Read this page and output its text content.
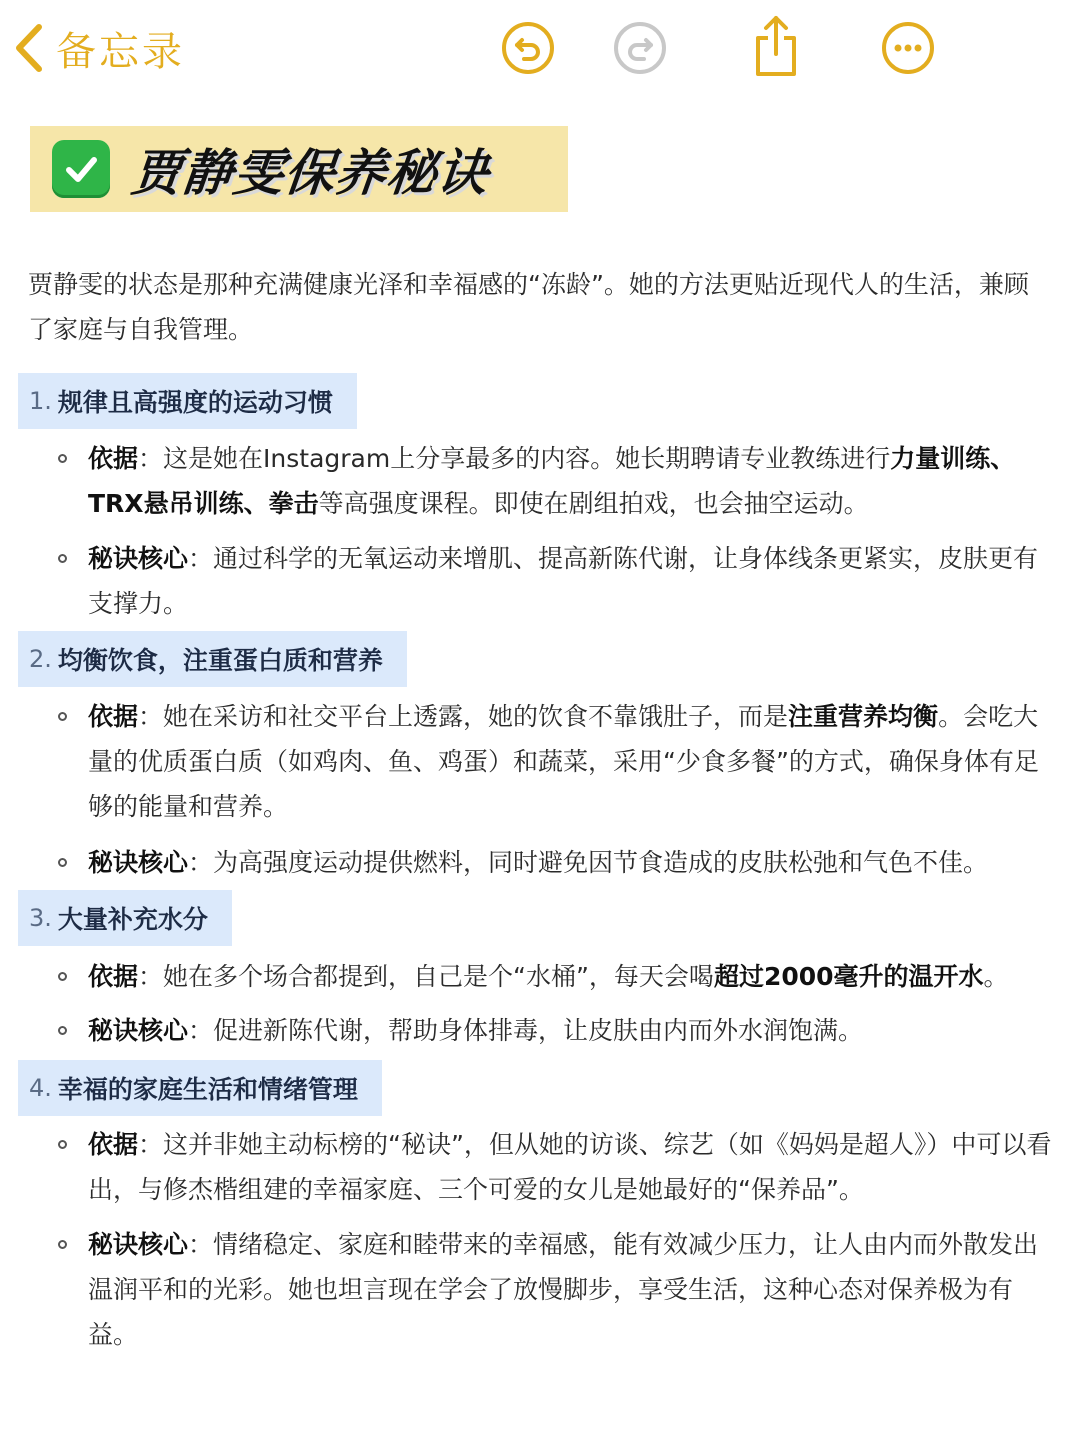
备忘录
贾静雯保养秘诀
贾静雯的状态是那种充满健康光泽和幸福感的“冻龄”。她的方法更贴近现代人的生活，兼顾了家庭与自我管理。
1. 规律且高强度的运动习惯
依据：这是她在Instagram上分享最多的内容。她长期聘请专业教练进行力量训练、TRX悬吊训练、拳击等高强度课程。即使在剧组拍戏，也会抽空运动。
秘诀核心：通过科学的无氧运动来增肌、提高新陈代谢，让身体线条更紧实，皮肤更有支撑力。
2. 均衡饮食，注重蛋白质和营养
依据：她在采访和社交平台上透露，她的饮食不靠饿肚子，而是注重营养均衡。会吃大量的优质蛋白质（如鸡肉、鱼、鸡蛋）和蔬菜，采用“少食多餐”的方式，确保身体有足够的能量和营养。
秘诀核心：为高强度运动提供燃料，同时避免因节食造成的皮肤松弛和气色不佳。
3. 大量补充水分
依据：她在多个场合都提到，自己是个“水桶”，每天会喝超过2000毫升的温开水。
秘诀核心：促进新陈代谢，帮助身体排毒，让皮肤由内而外水润饱满。
4. 幸福的家庭生活和情绪管理
依据：这并非她主动标榜的“秘诀”，但从她的访谈、综艺（如《妈妈是超人》）中可以看出，与修杰楷组建的幸福家庭、三个可爱的女儿是她最好的“保养品”。
秘诀核心：情绪稳定、家庭和睦带来的幸福感，能有效减少压力，让人由内而外散发出温润平和的光彩。她也坦言现在学会了放慢脚步，享受生活，这种心态对保养极为有益。
